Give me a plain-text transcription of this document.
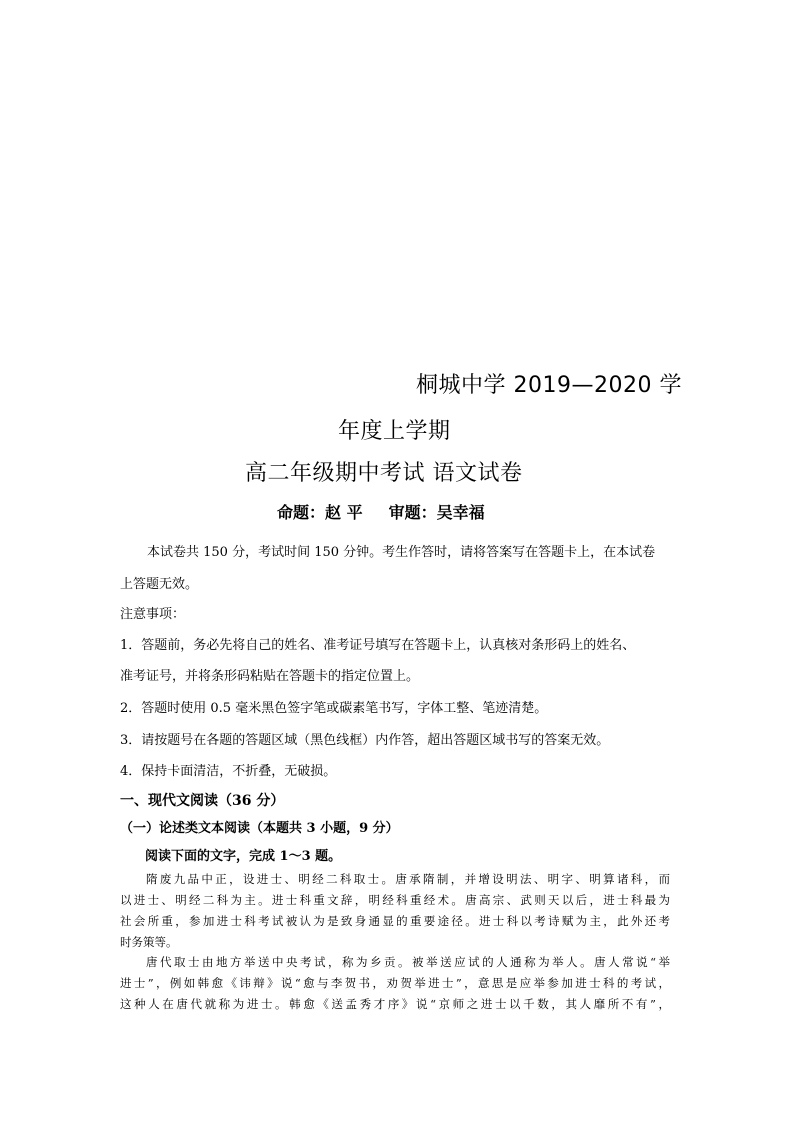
桐城中学 2019—2020 学
年度上学期
高二年级期中考试 语文试卷
命题：赵 平 审题：吴幸福
本试卷共 150 分，考试时间 150 分钟。考生作答时，请将答案写在答题卡上，在本试卷
上答题无效。
注意事项：
1．答题前，务必先将自己的姓名、准考证号填写在答题卡上，认真核对条形码上的姓名、
准考证号，并将条形码粘贴在答题卡的指定位置上。
2．答题时使用 0.5 毫米黑色签字笔或碳素笔书写，字体工整、笔迹清楚。
3．请按题号在各题的答题区域（黑色线框）内作答，超出答题区域书写的答案无效。
4．保持卡面清洁，不折叠，无破损。
一、现代文阅读（36 分）
（一）论述类文本阅读（本题共 3 小题，9 分）
阅读下面的文字，完成 1～3 题。
隋废九品中正，设进士、明经二科取士。唐承隋制，并增设明法、明字、明算诸科，而
以进士、明经二科为主。进士科重文辞，明经科重经术。唐高宗、武则天以后，进士科最为
社会所重，参加进士科考试被认为是致身通显的重要途径。进士科以考诗赋为主，此外还考
时务策等。
唐代取士由地方举送中央考试，称为乡贡。被举送应试的人通称为举人。唐人常说“举
进士”，例如韩愈《讳辩》说“愈与李贺书，劝贺举进士”，意思是应举参加进士科的考试，
这种人在唐代就称为进士。韩愈《送孟秀才序》说“京师之进士以千数，其人靡所不有”，
